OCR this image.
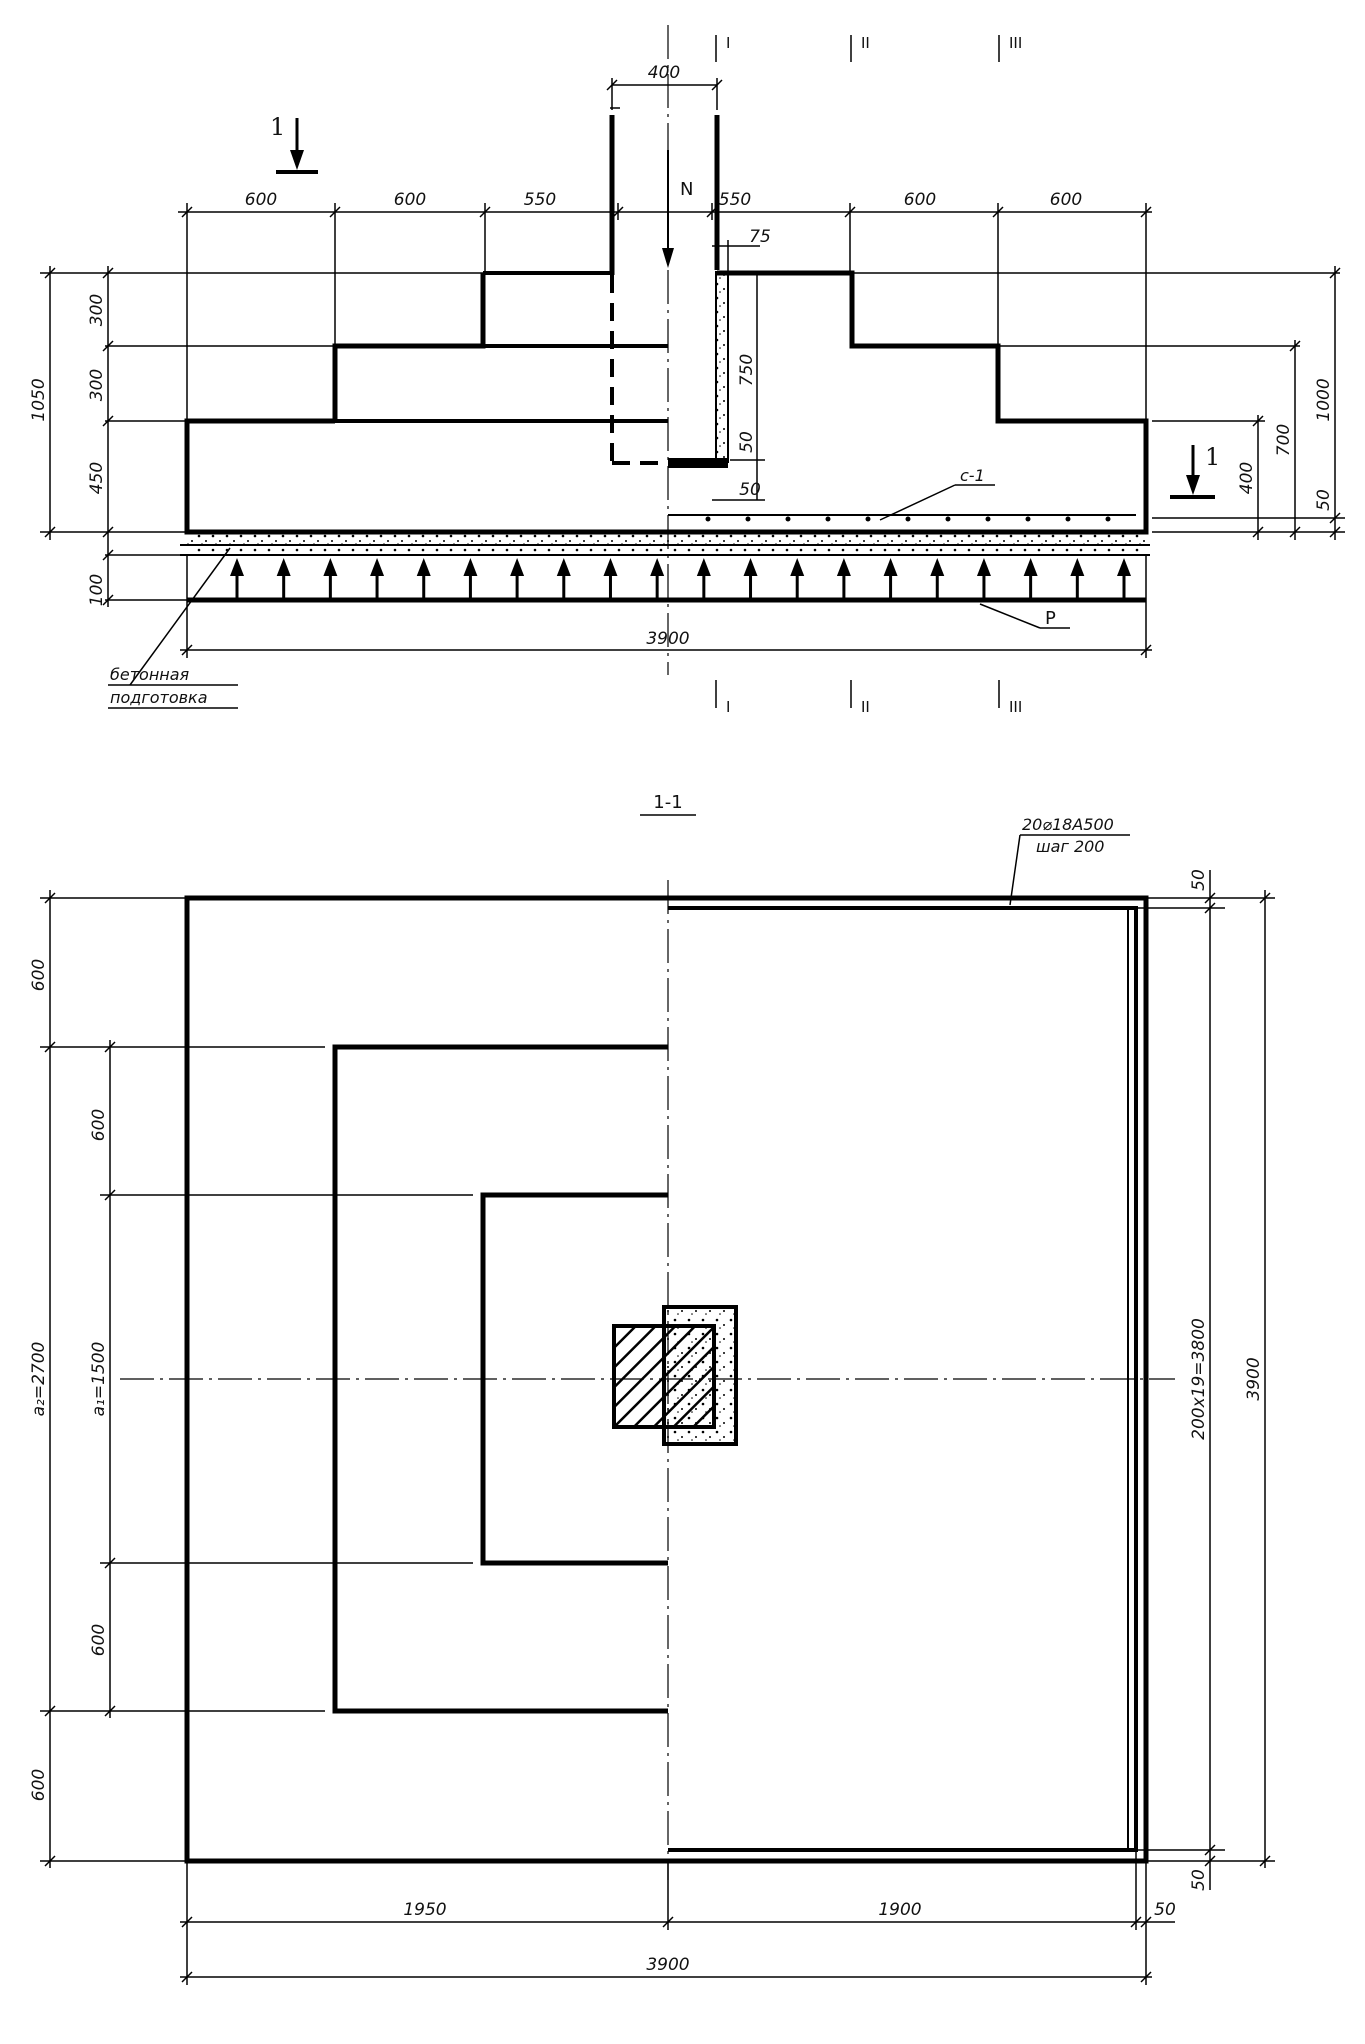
400
I	II	III
N
1
1
600	600	550	550	600	600
75
750
50
50
с-1	400
700
1000
50
300
300
450
1050
100
P
3900
бетонная
подготовка	I	II	III
1-1
20⌀18A500
шаг 200
600
600
600
600
a₂=2700 a₁=1500
50
50
200x19=3800 3900
1950	1900	50
3900
